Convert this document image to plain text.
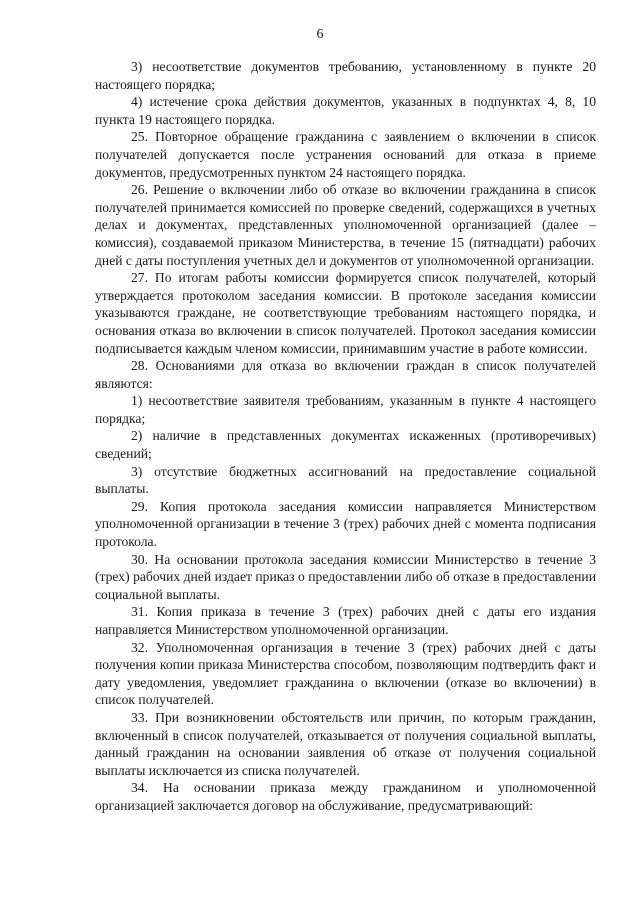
6

3) несоответствие документов требованию, установленному в пункте 20 настоящего порядка;

4) истечение срока действия документов, указанных в подпунктах 4, 8, 10 пункта 19 настоящего порядка.

25. Повторное обращение гражданина с заявлением о включении в список получателей допускается после устранения оснований для отказа в приеме документов, предусмотренных пунктом 24 настоящего порядка.

26. Решение о включении либо об отказе во включении гражданина в список получателей принимается комиссией по проверке сведений, содержащихся в учетных делах и документах, представленных уполномоченной организацией (далее – комиссия), создаваемой приказом Министерства, в течение 15 (пятнадцати) рабочих дней с даты поступления учетных дел и документов от уполномоченной организации.

27. По итогам работы комиссии формируется список получателей, который утверждается протоколом заседания комиссии. В протоколе заседания комиссии указываются граждане, не соответствующие требованиям настоящего порядка, и основания отказа во включении в список получателей. Протокол заседания комиссии подписывается каждым членом комиссии, принимавшим участие в работе комиссии.

28. Основаниями для отказа во включении граждан в список получателей являются:

1) несоответствие заявителя требованиям, указанным в пункте 4 настоящего порядка;

2) наличие в представленных документах искаженных (противоречивых) сведений;

3) отсутствие бюджетных ассигнований на предоставление социальной выплаты.

29. Копия протокола заседания комиссии направляется Министерством уполномоченной организации в течение 3 (трех) рабочих дней с момента подписания протокола.

30. На основании протокола заседания комиссии Министерство в течение 3 (трех) рабочих дней издает приказ о предоставлении либо об отказе в предоставлении социальной выплаты.

31. Копия приказа в течение 3 (трех) рабочих дней с даты его издания направляется Министерством уполномоченной организации.

32. Уполномоченная организация в течение 3 (трех) рабочих дней с даты получения копии приказа Министерства способом, позволяющим подтвердить факт и дату уведомления, уведомляет гражданина о включении (отказе во включении) в список получателей.

33. При возникновении обстоятельств или причин, по которым гражданин, включенный в список получателей, отказывается от получения социальной выплаты, данный гражданин на основании заявления об отказе от получения социальной выплаты исключается из списка получателей.

34. На основании приказа между гражданином и уполномоченной организацией заключается договор на обслуживание, предусматривающий:
